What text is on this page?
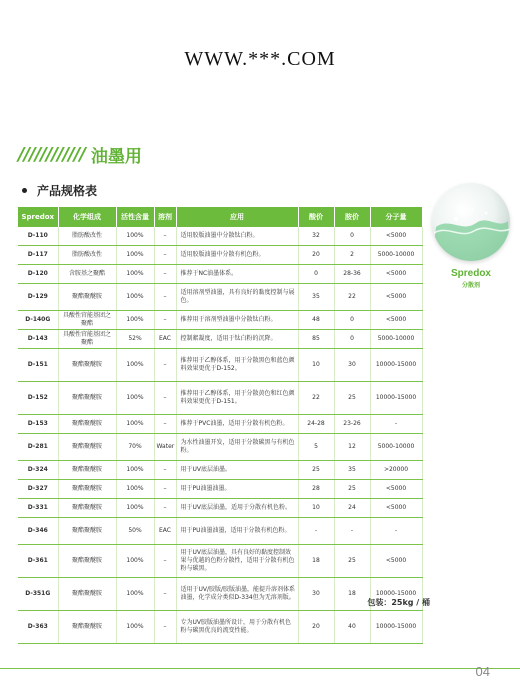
WWW.***.COM
//////////// 油墨用
产品规格表
Spredox	化学组成	活性含量	溶剂	应用	酸价	胺价	分子量
D-110	脂肪酸改性	100%	–	适用胶版油墨中分散钛白粉。	32	0	<5000
D-117	脂肪酸改性	100%	–	适用胶版油墨中分散有机色粉。	20	2	5000-10000
D-120	含胺基之聚酯	100%	–	推荐于NC油墨体系。	0	28-36	<5000
D-129	聚酯聚醚胺	100%	–	适用溶剂型油墨，具有良好的黏度控制与展色。	35	22	<5000
D-140G	具酸性官能基团之聚酯	100%	–	推荐用于溶剂型油墨中分散钛白粉。	48	0	<5000
D-143	具酸性官能基团之聚酯	52%	EAC	控制絮凝度，适用于钛白粉的沉降。	85	0	5000-10000
D-151	聚酯聚醚胺	100%	–	推荐用于乙醇体系，用于分散黑色和蓝色颜料效果更优于D-152。	10	30	10000-15000
D-152	聚酯聚醚胺	100%	–	推荐用于乙醇体系，用于分散黄色和红色颜料效果更优于D-151。	22	25	10000-15000
D-153	聚酯聚醚胺	100%	–	推荐于PVC油墨，适用于分散有机色粉。	24-28	23-26	-
D-281	聚酯聚醚胺	70%	Water	为水性油墨开发，适用于分散碳黑与有机色粉。	5	12	5000-10000
D-324	聚酯聚醚胺	100%	–	用于UV底层油墨。	25	35	>20000
D-327	聚酯聚醚胺	100%	–	用于PU油墨油墨。	28	25	<5000
D-331	聚酯聚醚胺	100%	–	用于UV底层油墨，适用于分散有机色粉。	10	24	<5000
D-346	聚酯聚醚胺	50%	EAC	用于PU油墨油墨，适用于分散有机色粉。	-	-	-
D-361	聚酯聚醚胺	100%	–	用于UV底层油墨，具有良好的黏度控制效果与优越的色粉分散性，适用于分散有机色粉与碳黑。	18	25	<5000
D-351G	聚酯聚醚胺	100%	–	适用于UV/胶版/胶版油墨，能提升溶剂体系油墨，化学成分类似D-334但为无溶剂版。	30	18	10000-15000
D-363	聚酯聚醚胺	100%	–	专为UV胶版油墨所设计，用于分散有机色粉与碳黑优良的流变性能。	20	40	10000-15000
包装：25kg / 桶
Spredox
分散剂
04
